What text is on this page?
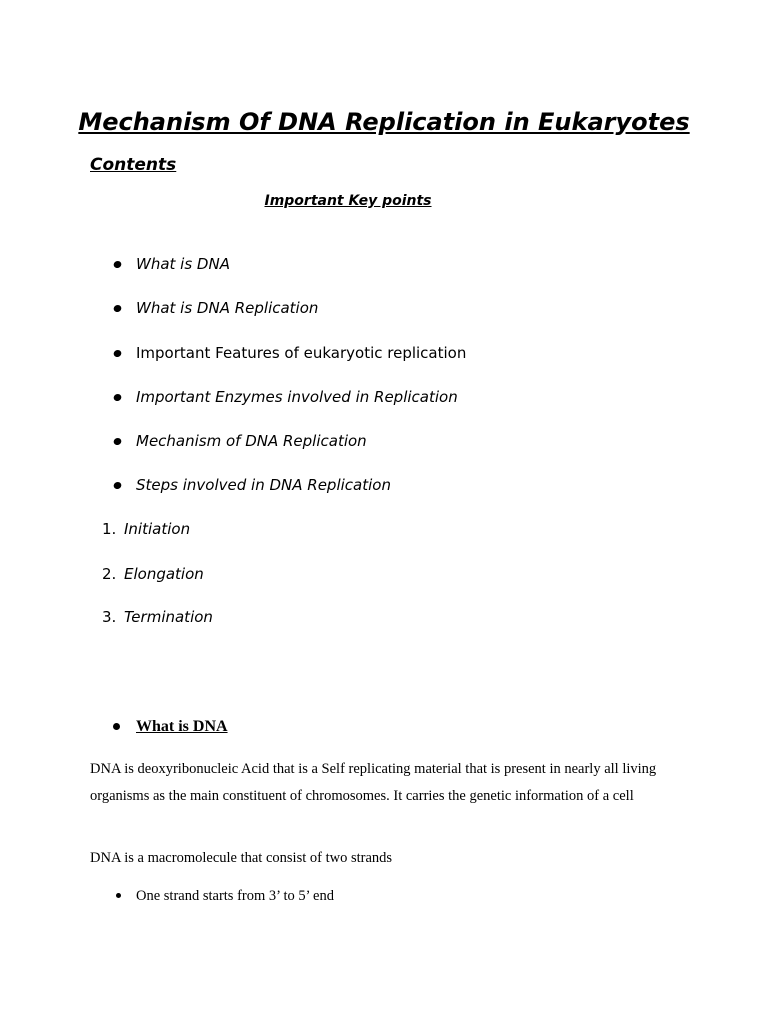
Mechanism Of DNA Replication in Eukaryotes
Contents
Important Key points
What is DNA
What is DNA Replication
Important Features of eukaryotic replication
Important Enzymes involved in Replication
Mechanism of DNA Replication
Steps involved in DNA Replication
1. Initiation
2. Elongation
3. Termination
What is DNA
DNA is deoxyribonucleic Acid that is a Self replicating material that is present in nearly all living organisms as the main constituent of chromosomes. It carries the genetic information of a cell
DNA is a macromolecule that consist of two strands
One strand starts from 3’ to 5’ end
